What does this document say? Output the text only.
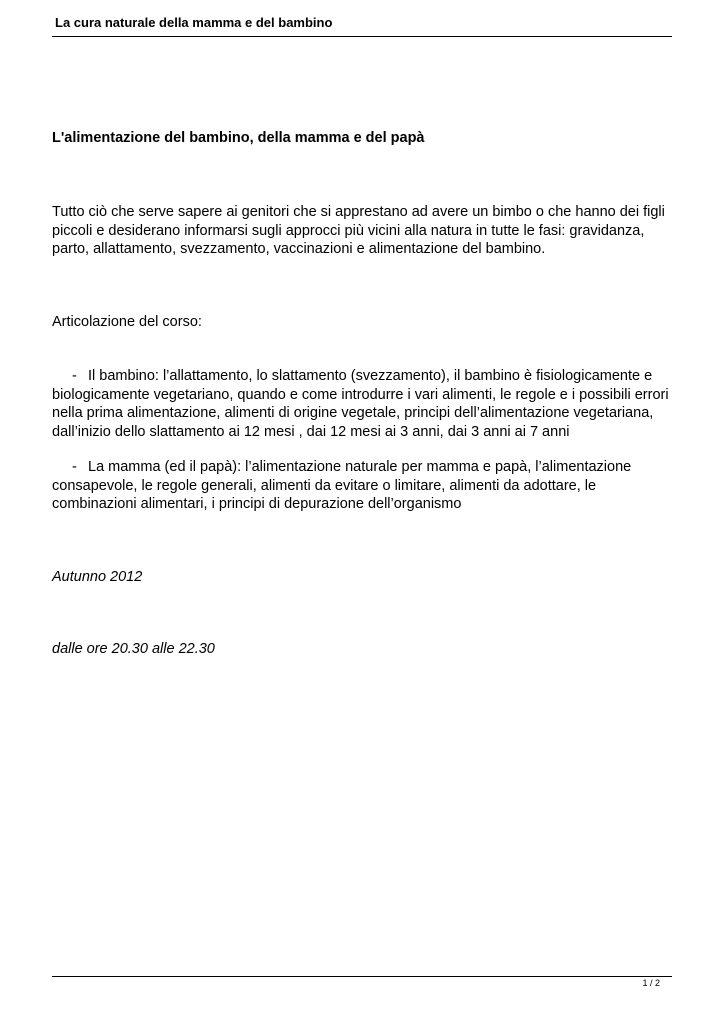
La cura naturale della mamma e del bambino
L'alimentazione del bambino, della mamma e del papà

Tutto ciò che serve sapere ai genitori che si apprestano ad avere un bimbo o che hanno dei figli piccoli e desiderano informarsi sugli approcci più vicini alla natura in tutte le fasi: gravidanza, parto, allattamento, svezzamento, vaccinazioni e alimentazione del bambino.

Articolazione del corso:

- Il bambino: l’allattamento, lo slattamento (svezzamento), il bambino è fisiologicamente e biologicamente vegetariano, quando e come introdurre i vari alimenti, le regole e i possibili errori nella prima alimentazione, alimenti di origine vegetale, principi dell’alimentazione vegetariana, dall’inizio dello slattamento ai 12 mesi , dai 12 mesi ai 3 anni, dai 3 anni ai 7 anni

- La mamma (ed il papà): l’alimentazione naturale per mamma e papà, l’alimentazione consapevole, le regole generali, alimenti da evitare o limitare, alimenti da adottare, le combinazioni alimentari, i principi di depurazione dell’organismo

Autunno 2012
dalle ore 20.30 alle 22.30
1 / 2
